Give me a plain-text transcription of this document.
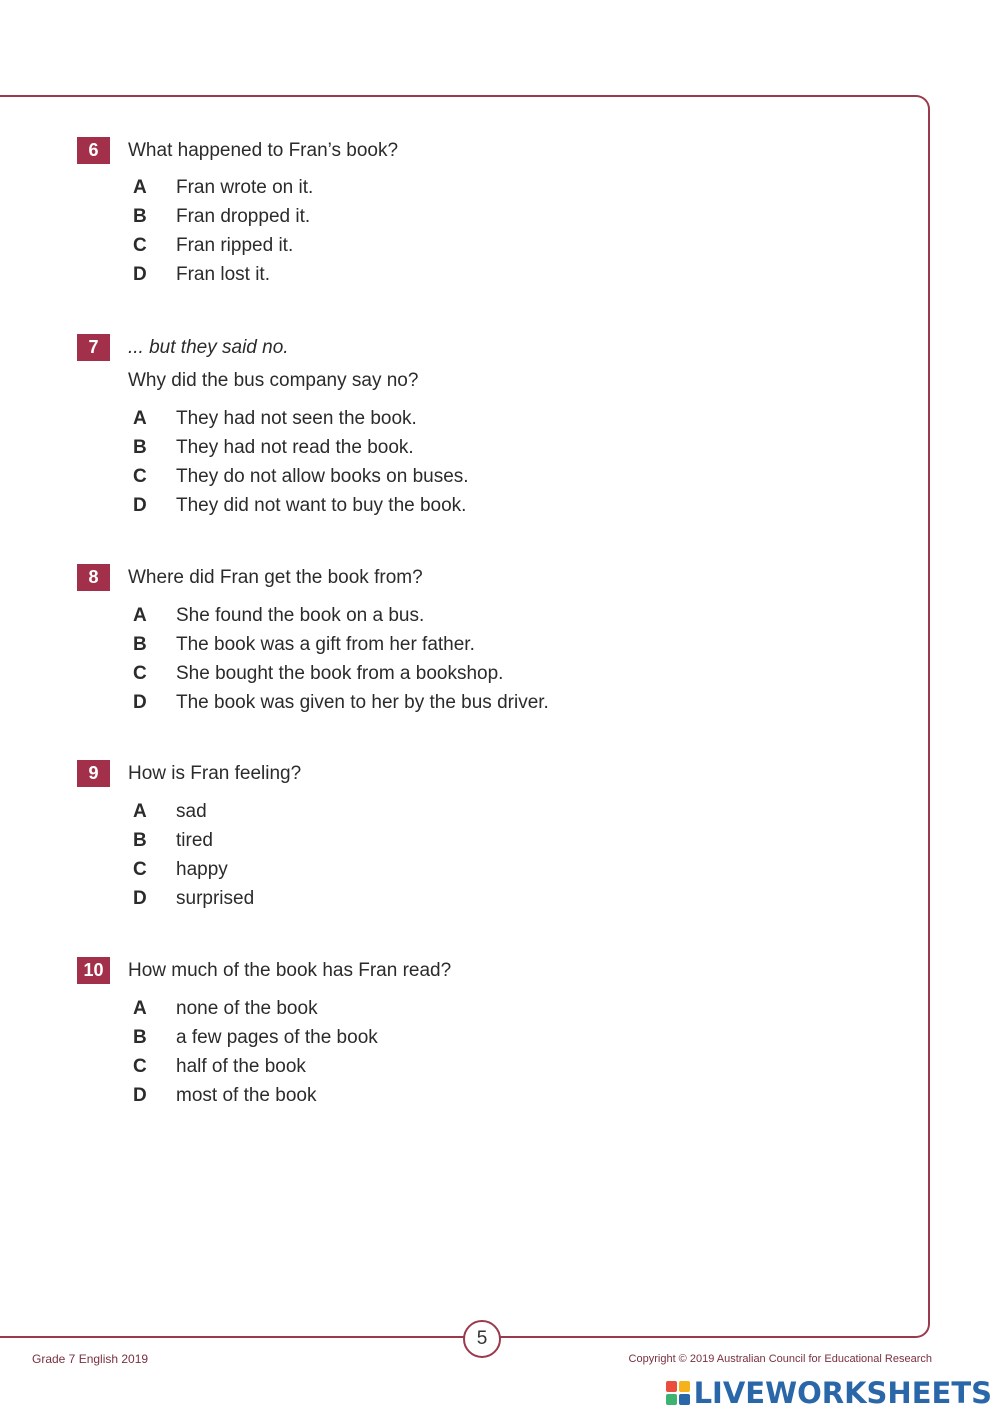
6	What happened to Fran’s book?
A Fran wrote on it.
B Fran dropped it.
C Fran ripped it.
D Fran lost it.
7	... but they said no.
Why did the bus company say no?
A They had not seen the book.
B They had not read the book.
C They do not allow books on buses.
D They did not want to buy the book.
8	Where did Fran get the book from?
A She found the book on a bus.
B The book was a gift from her father.
C She bought the book from a bookshop.
D The book was given to her by the bus driver.
9	How is Fran feeling?
A sad
B tired
C happy
D surprised
10	How much of the book has Fran read?
A none of the book
B a few pages of the book
C half of the book
D most of the book
5
Grade 7 English 2019	Copyright © 2019 Australian Council for Educational Research
LIVEWORKSHEETS
